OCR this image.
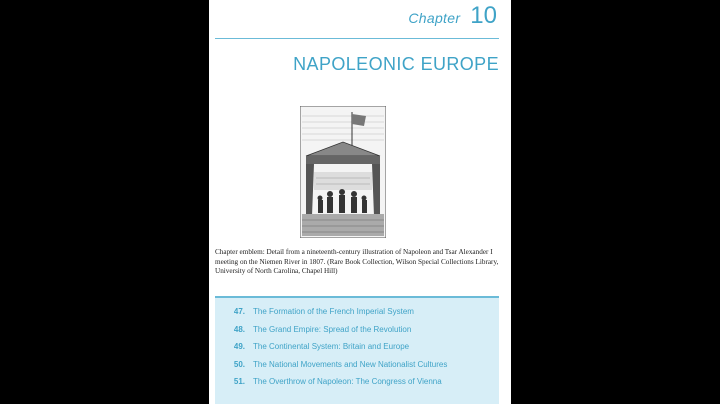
Chapter 10
NAPOLEONIC EUROPE
Chapter emblem: Detail from a nineteenth-century illustration of Napoleon and Tsar Alexander I meeting on the Niemen River in 1807. (Rare Book Collection, Wilson Special Collections Library, University of North Carolina, Chapel Hill)
47. The Formation of the French Imperial System
48. The Grand Empire: Spread of the Revolution
49. The Continental System: Britain and Europe
50. The National Movements and New Nationalist Cultures
51. The Overthrow of Napoleon: The Congress of Vienna
